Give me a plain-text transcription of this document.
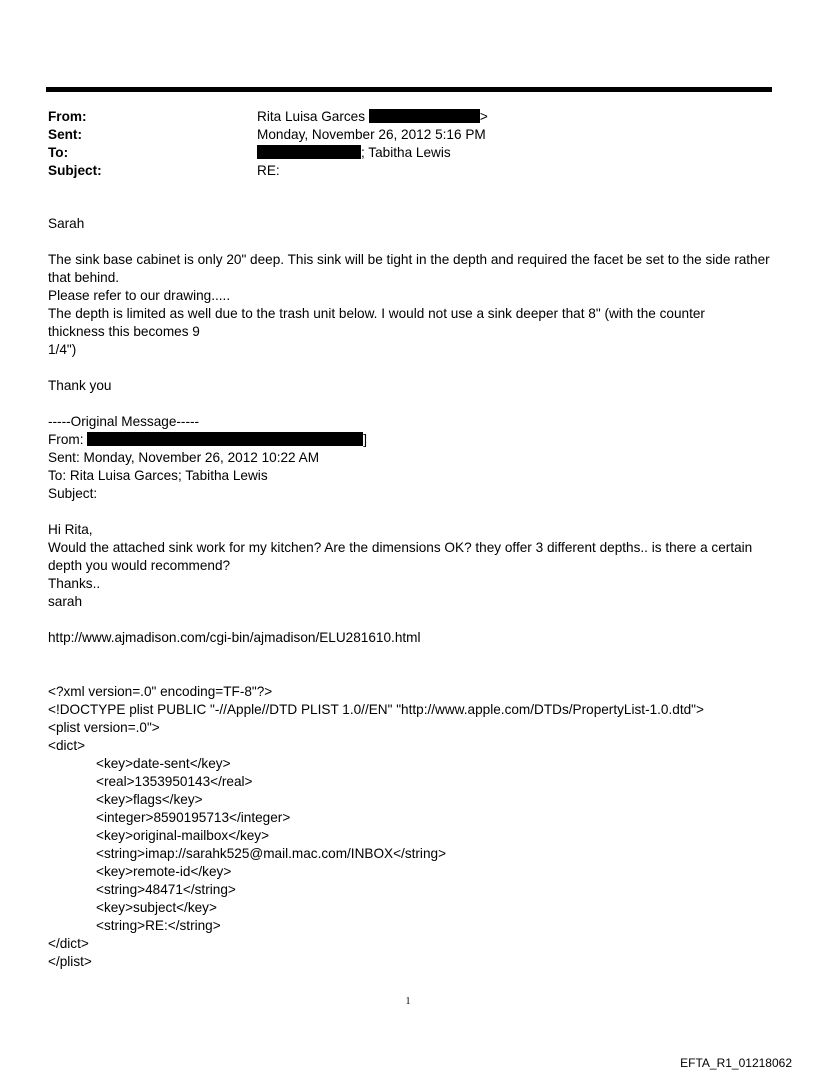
From:	Rita Luisa Garces	>
Sent:	Monday, November 26, 2012 5:16 PM
To:	; Tabitha Lewis
Subject:	RE:

Sarah

The sink base cabinet is only 20" deep. This sink will be tight in the depth and required the facet be set to the side rather

that behind.

Please refer to our drawing.....

The depth is limited as well due to the trash unit below. I would not use a sink deeper that 8" (with the counter

thickness this becomes 9

1/4")

Thank you

-----Original Message-----

From:	]

Sent: Monday, November 26, 2012 10:22 AM

To: Rita Luisa Garces; Tabitha Lewis

Subject:

Hi Rita,

Would the attached sink work for my kitchen? Are the dimensions OK? they offer 3 different depths.. is there a certain

depth you would recommend?

Thanks..

sarah

http://www.ajmadison.com/cgi-bin/ajmadison/ELU281610.html

<?xml version=.0" encoding=TF-8"?>

<!DOCTYPE plist PUBLIC "-//Apple//DTD PLIST 1.0//EN" "http://www.apple.com/DTDs/PropertyList-1.0.dtd">

<plist version=.0">

<dict>

<key>date-sent</key>

<real>1353950143</real>

<key>flags</key>

<integer>8590195713</integer>

<key>original-mailbox</key>

<string>imap://sarahk525@mail.mac.com/INBOX</string>

<key>remote-id</key>

<string>48471</string>

<key>subject</key>

<string>RE:</string>

</dict>

</plist>

1
EFTA_R1_01218062
